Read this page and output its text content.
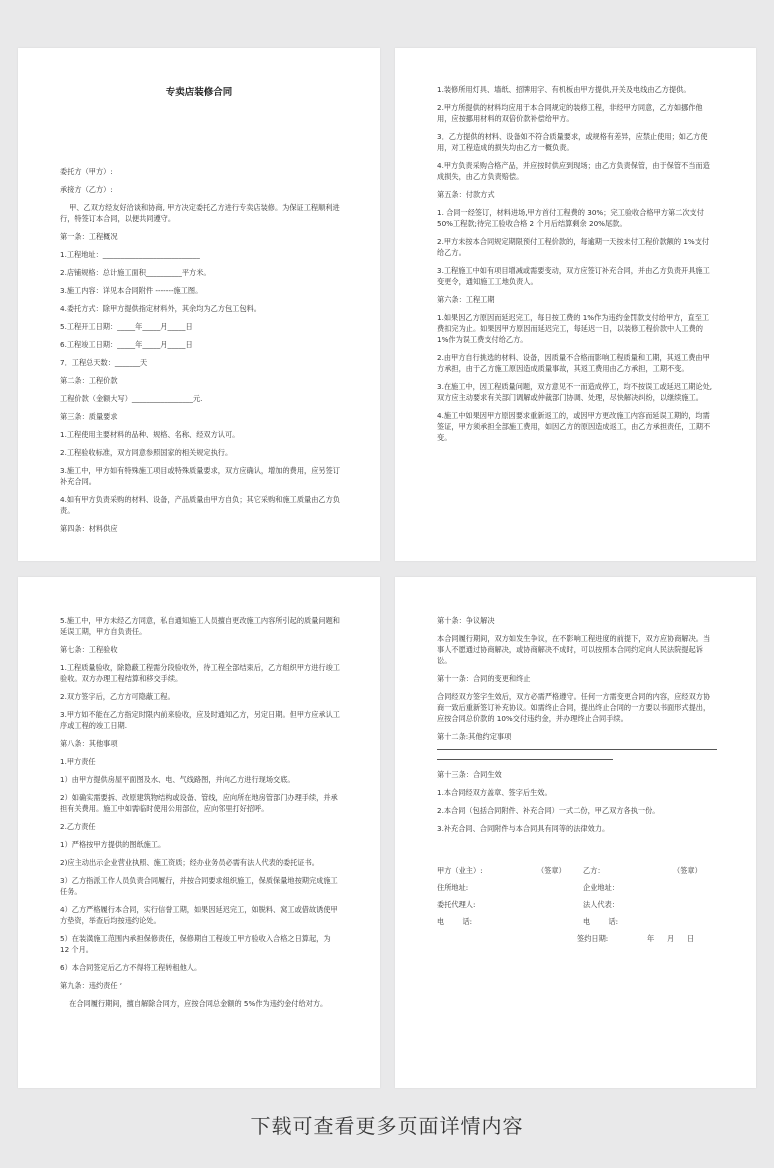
专卖店装修合同

委托方（甲方）:

承接方（乙方）:

甲、乙双方经友好洽谈和协商, 甲方决定委托乙方进行专卖店装修。为保证工程顺利进行，特签订本合同，以便共同遵守。

第一条：工程概况

1.工程地址：___________________________

2.店铺规格：总计施工面积__________平方米。

3.施工内容：详见本合同附件 -------施工图。

4.委托方式：除甲方提供指定材料外，其余均为乙方包工包料。

5.工程开工日期：_____年_____月_____日

6.工程竣工日期：_____年_____月_____日

7．工程总天数：_______天

第二条：工程价款

工程价款（金额大写）_________________元.

第三条：质量要求

1.工程使用主要材料的品种、规格、名称、经双方认可。

2.工程验收标准，双方同意参照国家的相关规定执行。

3.施工中，甲方如有特殊施工项目或特殊质量要求，双方应确认，增加的费用，应另签订补充合同。

4.如有甲方负责采购的材料、设备，产品质量由甲方自负；其它采购和施工质量由乙方负责。

第四条：材料供应

1.装修所用灯具、墙纸、招牌用字、有机板由甲方提供,开关及电线由乙方提供。

2.甲方所提供的材料均应用于本合同规定的装修工程，非经甲方同意，乙方如挪作他用，应按挪用材料的双倍价款补偿给甲方。

3．乙方提供的材料、设备如不符合质量要求，或规格有差异，应禁止使用；如乙方使用，对工程造成的损失均由乙方一概负责。

4.甲方负责采购合格产品，并应按时供应到现场；由乙方负责保管，由于保管不当而造成损失，由乙方负责赔偿。

第五条：付款方式

1. 合同一经签订，材料进场,甲方首付工程费的 30%；完工验收合格甲方第二次支付 50%工程款;待完工验收合格 2 个月后结算剩余 20%尾款。

2.甲方未按本合同规定期限预付工程价款的，每逾期一天按未付工程价款额的 1%支付给乙方。

3.工程施工中如有项目增减或需要变动，双方应签订补充合同，并由乙方负责开具施工变更令，通知施工工地负责人。

第六条：工程工期

1.如果因乙方原因而延迟完工，每日按工费的 1%作为违约金罚款支付给甲方，直至工费扣完为止。如果因甲方原因而延迟完工，每延迟一日，以装修工程价款中人工费的 1%作为误工费支付给乙方。

2.由甲方自行挑选的材料、设备，因质量不合格而影响工程质量和工期，其返工费由甲方承担，由于乙方施工原因造成质量事故，其返工费用由乙方承担，工期不变。

3.在施工中，因工程质量问题，双方意见不一而造成停工，均不按误工或延迟工期论处,双方应主动要求有关部门调解或仲裁部门协调、处理，尽快解决纠纷，以继续施工。

4.施工中如果因甲方原因要求重新返工的，或因甲方更改施工内容而延误工期的，均需签证，甲方须承担全部施工费用，如因乙方的原因造成返工，由乙方承担责任，工期不变。

5.施工中，甲方未经乙方同意，私自通知施工人员擅自更改施工内容所引起的质量问题和延误工期，甲方自负责任。

第七条：工程验收

1.工程质量验收，除隐蔽工程需分段验收外，待工程全部结束后，乙方组织甲方进行竣工验收。双方办理工程结算和移交手续。

2.双方签字后，乙方方可隐蔽工程。

3.甲方如不能在乙方指定时限内前来验收，应及时通知乙方，另定日期。但甲方应承认工序或工程的竣工日期.

第八条：其他事项

1.甲方责任

1）由甲方提供房屋平面图及水、电、气线路图，并向乙方进行现场交底。

2）如确实需要拆、改原建筑物结构或设备、管线，应向所在地房管部门办理手续，并承担有关费用。施工中如需临时使用公用部位，应向邻里打好招呼。

2.乙方责任

1）严格按甲方提供的图纸施工。

2)应主动出示企业营业执照、施工资质；经办业务员必需有法人代表的委托证书。

3）乙方指派工作人员负责合同履行，并按合同要求组织施工，保质保量地按期完成施工任务。

4）乙方严格履行本合同，实行信誉工期，如果因延迟完工，如脱料、窝工或借故诱使甲方垫资，举查后均按违约论处。

5）在装潢施工范围内承担保修责任，保修期自工程竣工甲方验收入合格之日算起，为 12 个月。

6）本合同签定后乙方不得将工程转租他人。

第九条：违约责任 ‘

在合同履行期间，擅自解除合同方，应按合同总金额的 5%作为违约金付给对方。

第十条：争议解决

本合同履行期间，双方如发生争议，在不影响工程进度的前提下，双方应协商解决。当事人不愿通过协商解决，或协商解决不成时，可以按照本合同约定向人民法院提起诉讼。

第十一条：合同的变更和终止

合同经双方签字生效后，双方必需严格遵守。任何一方需变更合同的内容，应经双方协商一致后重新签订补充协议。如需终止合同，提出终止合同的一方要以书面形式提出，应按合同总价款的 10%交付违约金，并办理终止合同手续。

第十二条:其他约定事项

第十三条：合同生效

1.本合同经双方盖章、签字后生效。

2.本合同（包括合同附件、补充合同）一式二份，甲乙双方各执一份。

3.补充合同、合同附件与本合同具有同等的法律效力。

甲方（业主）:	（签章） 乙方：	（签章）
住所地址:	企业地址：
委托代理人:	法人代表：
电        话:	电        话:
签约日期:	年 月 日
下载可查看更多页面详情内容
